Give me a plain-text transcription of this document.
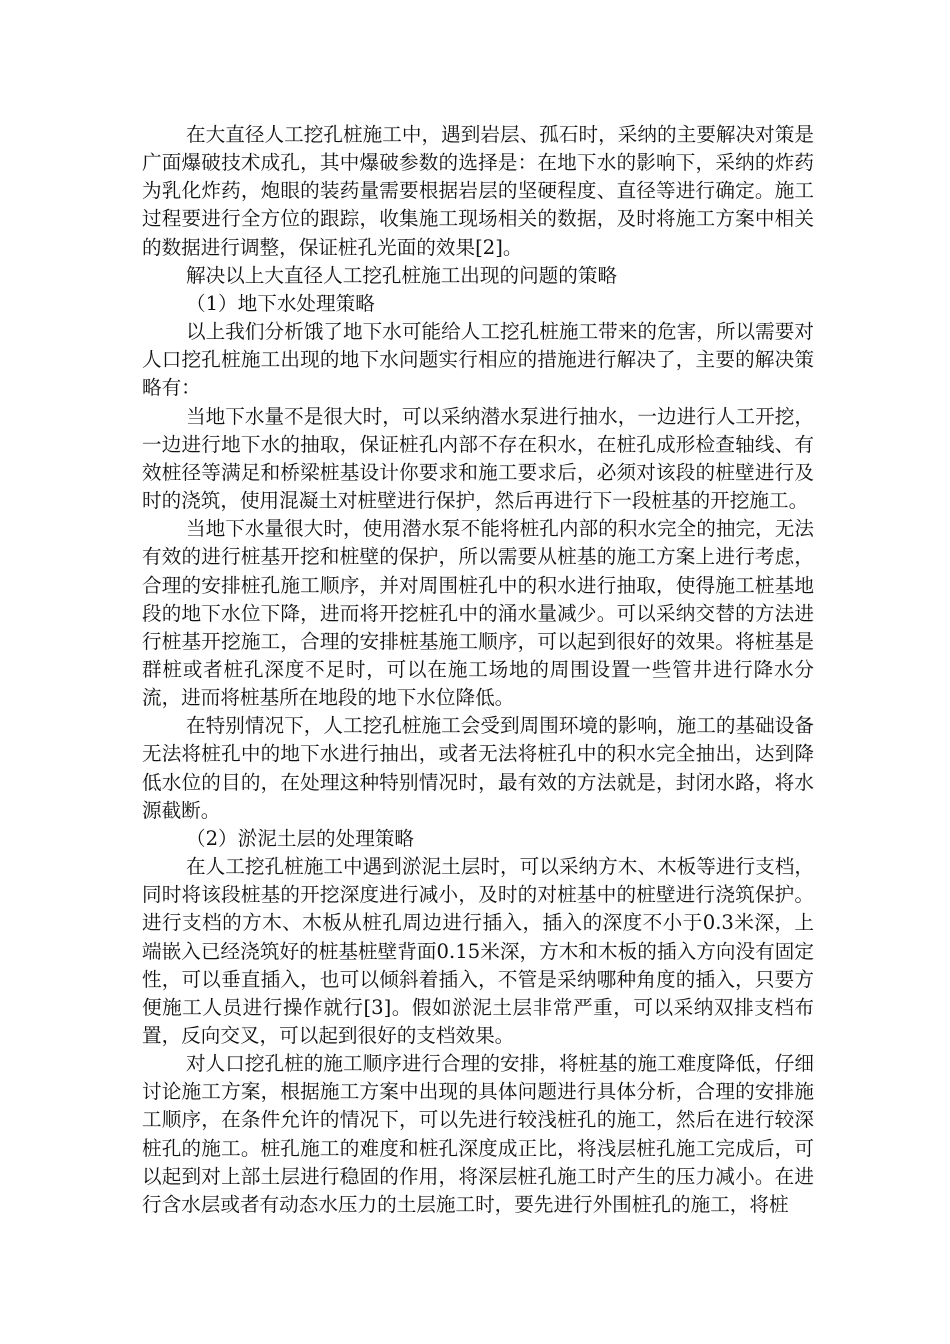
在大直径人工挖孔桩施工中，遇到岩层、孤石时，采纳的主要解决对策是广面爆破技术成孔，其中爆破参数的选择是：在地下水的影响下，采纳的炸药为乳化炸药，炮眼的装药量需要根据岩层的坚硬程度、直径等进行确定。施工过程要进行全方位的跟踪，收集施工现场相关的数据，及时将施工方案中相关的数据进行调整，保证桩孔光面的效果[2]。

解决以上大直径人工挖孔桩施工出现的问题的策略

（1）地下水处理策略

以上我们分析饿了地下水可能给人工挖孔桩施工带来的危害，所以需要对人口挖孔桩施工出现的地下水问题实行相应的措施进行解决了，主要的解决策略有：

当地下水量不是很大时，可以采纳潜水泵进行抽水，一边进行人工开挖，一边进行地下水的抽取，保证桩孔内部不存在积水，在桩孔成形检查轴线、有效桩径等满足和桥梁桩基设计你要求和施工要求后，必须对该段的桩壁进行及时的浇筑，使用混凝土对桩壁进行保护，然后再进行下一段桩基的开挖施工。

当地下水量很大时，使用潜水泵不能将桩孔内部的积水完全的抽完，无法有效的进行桩基开挖和桩壁的保护，所以需要从桩基的施工方案上进行考虑，合理的安排桩孔施工顺序，并对周围桩孔中的积水进行抽取，使得施工桩基地段的地下水位下降，进而将开挖桩孔中的涌水量减少。可以采纳交替的方法进行桩基开挖施工，合理的安排桩基施工顺序，可以起到很好的效果。将桩基是群桩或者桩孔深度不足时，可以在施工场地的周围设置一些管井进行降水分流，进而将桩基所在地段的地下水位降低。

在特别情况下，人工挖孔桩施工会受到周围环境的影响，施工的基础设备无法将桩孔中的地下水进行抽出，或者无法将桩孔中的积水完全抽出，达到降低水位的目的，在处理这种特别情况时，最有效的方法就是，封闭水路，将水源截断。

（2）淤泥土层的处理策略

在人工挖孔桩施工中遇到淤泥土层时，可以采纳方木、木板等进行支档，同时将该段桩基的开挖深度进行减小，及时的对桩基中的桩壁进行浇筑保护。进行支档的方木、木板从桩孔周边进行插入，插入的深度不小于0.3米深，上端嵌入已经浇筑好的桩基桩壁背面0.15米深，方木和木板的插入方向没有固定性，可以垂直插入，也可以倾斜着插入，不管是采纳哪种角度的插入，只要方便施工人员进行操作就行[3]。假如淤泥土层非常严重，可以采纳双排支档布置，反向交叉，可以起到很好的支档效果。

对人口挖孔桩的施工顺序进行合理的安排，将桩基的施工难度降低，仔细讨论施工方案，根据施工方案中出现的具体问题进行具体分析，合理的安排施工顺序，在条件允许的情况下，可以先进行较浅桩孔的施工，然后在进行较深桩孔的施工。桩孔施工的难度和桩孔深度成正比，将浅层桩孔施工完成后，可以起到对上部土层进行稳固的作用，将深层桩孔施工时产生的压力减小。在进行含水层或者有动态水压力的土层施工时，要先进行外围桩孔的施工，将桩
